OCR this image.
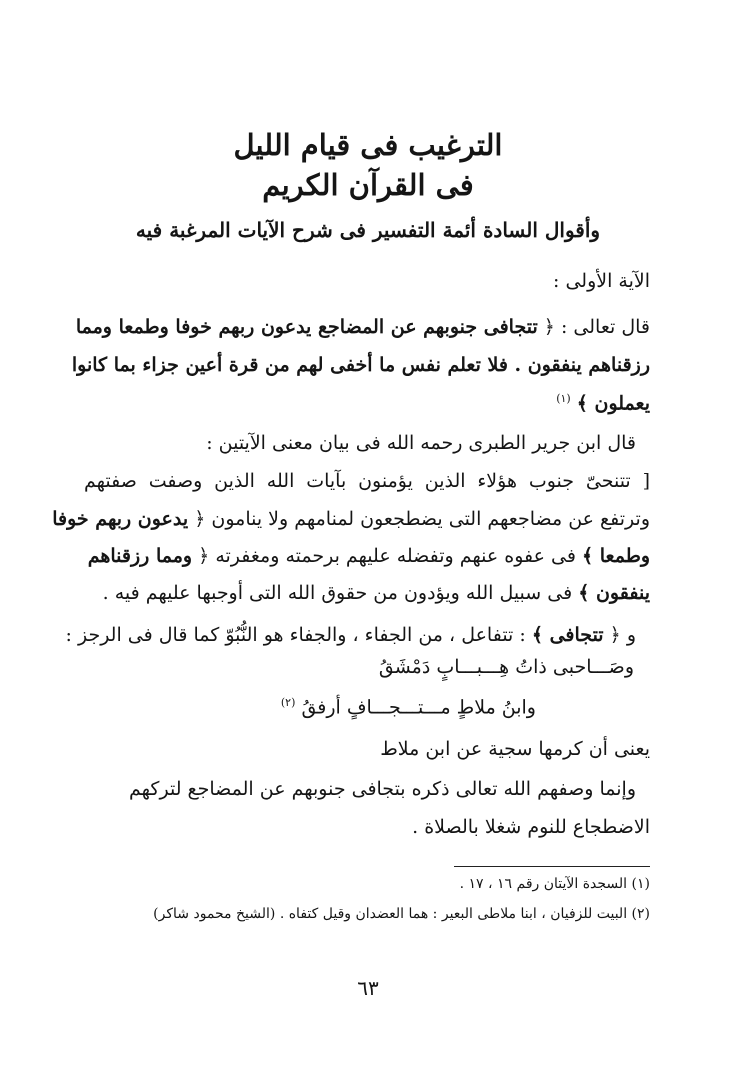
الترغيب فى قيام الليل
فى القرآن الكريم
وأقوال السادة أئمة التفسير فى شرح الآيات المرغبة فيه
الآية الأولى :
قال تعالى : ﴿ تتجافى جنوبهم عن المضاجع يدعون ربهم خوفا وطمعا ومما
رزقناهم ينفقون . فلا تعلم نفس ما أخفى لهم من قرة أعين جزاء بما كانوا
يعملون ﴾ $^{(١)}$
قال ابن جرير الطبرى رحمه الله فى بيان معنى الآيتين :
[ تتنحىّ جنوب هؤلاء الذين يؤمنون بآيات الله الذين وصفت صفتهم
وترتفع عن مضاجعهم التى يضطجعون لمنامهم ولا ينامون ﴿ يدعون ربهم خوفا
وطمعا ﴾ فى عفوه عنهم وتفضله عليهم برحمته ومغفرته ﴿ ومما رزقناهم
ينفقون ﴾ فى سبيل الله ويؤدون من حقوق الله التى أوجبها عليهم فيه .
و ﴿ تتجافى ﴾ : تتفاعل ، من الجفاء ، والجفاء هو النُّبُوّ كما قال فى الرجز :
وصَـــاحبى ذاتُ هِـــبـــابٍ دَمْشَقُ
وابنُ ملاطٍ مـــتـــجـــافٍ أرفقُ $^{(٢)}$
يعنى أن كرمها سجية عن ابن ملاط
وإنما وصفهم الله تعالى ذكره بتجافى جنوبهم عن المضاجع لتركهم
الاضطجاع للنوم شغلا بالصلاة .
(١) السجدة الآيتان رقم ١٦ ، ١٧ .
(٢) البيت للزفيان ، ابنا ملاطى البعير : هما العضدان وقيل كتفاه . (الشيخ محمود شاكر)
٦٣
